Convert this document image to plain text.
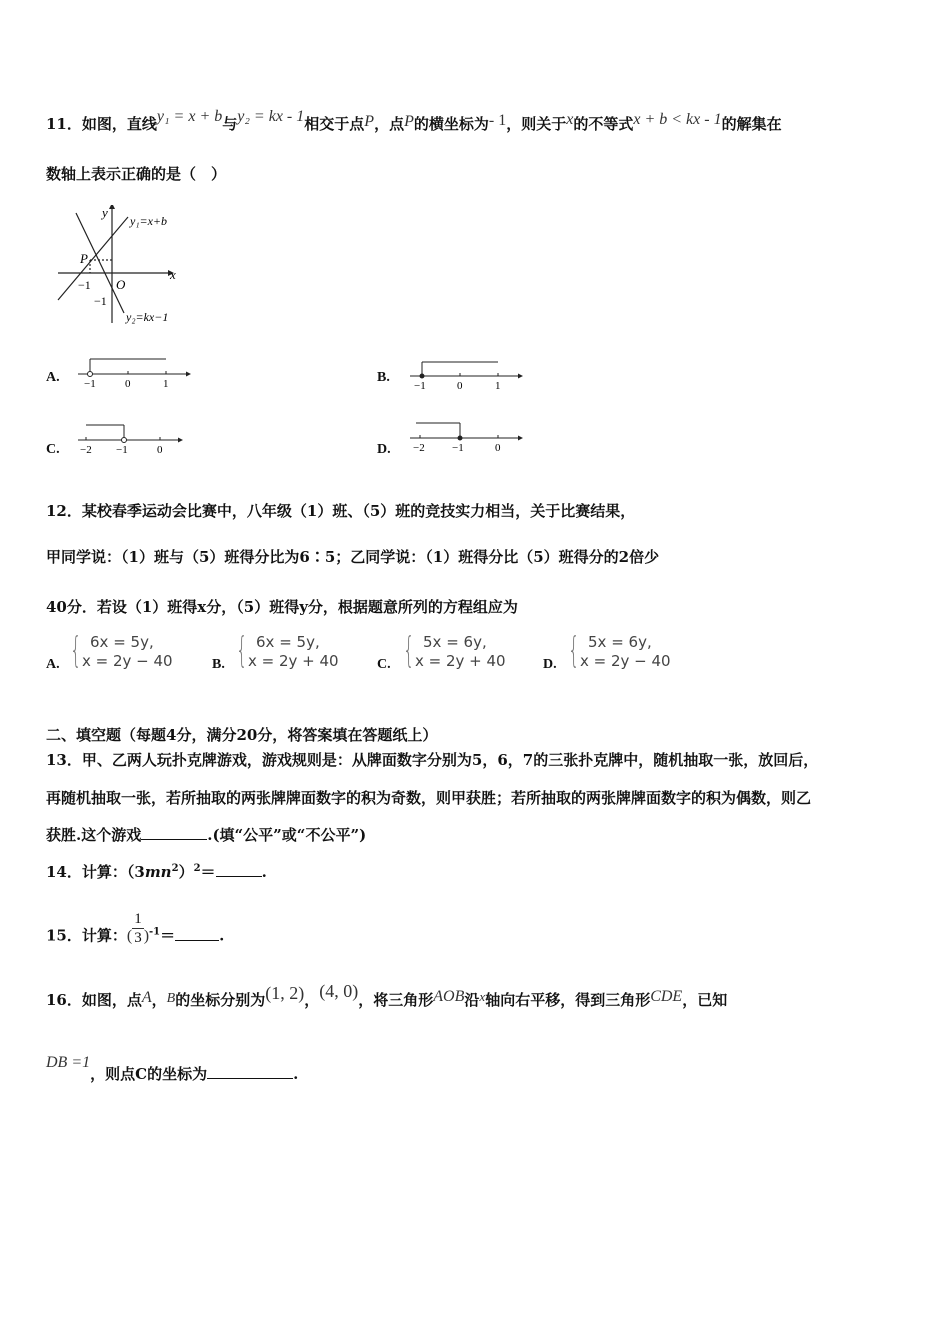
11．如图，直线y₁ = x + b与y₂ = kx - 1相交于点P，点P的横坐标为- 1，则关于x的不等式x + b < kx - 1的解集在
数轴上表示正确的是（　）
y
x
O
P
−1
−1
y₁=x+b
y₂=kx−1
A. −1	0	1	B.
−1	0	1
C. −2 −1	0	D. −2 −1	0
12．某校春季运动会比赛中，八年级（1）班、（5）班的竞技实力相当，关于比赛结果，
甲同学说：（1）班与（5）班得分比为6∶5；乙同学说：（1）班得分比（5）班得分的2倍少
40分．若设（1）班得x分，（5）班得y分，根据题意所列的方程组应为
A. { 6x = 5y,
x = 2y − 40	B. { 6x = 5y,
x = 2y + 40	C. { 5x = 6y,
x = 2y + 40	D. { 5x = 6y,
x = 2y − 40
二、填空题（每题4分，满分20分，将答案填在答题纸上）
13．甲、乙两人玩扑克牌游戏，游戏规则是：从牌面数字分别为5，6，7的三张扑克牌中，随机抽取一张，放回后，
再随机抽取一张，若所抽取的两张牌牌面数字的积为奇数，则甲获胜；若所抽取的两张牌牌面数字的积为偶数，则乙
获胜.这个游戏	.(填“公平”或“不公平”)
14．计算：$(3mn^2)^2=$	.
15．计算：( $\frac{1}{3} )^{-1}=$	.
16．如图，点A，B的坐标分别为(1, 2)，(4, 0)，将三角形AOB沿x轴向右平移，得到三角形CDE，已知
DB =1，则点C的坐标为	.
